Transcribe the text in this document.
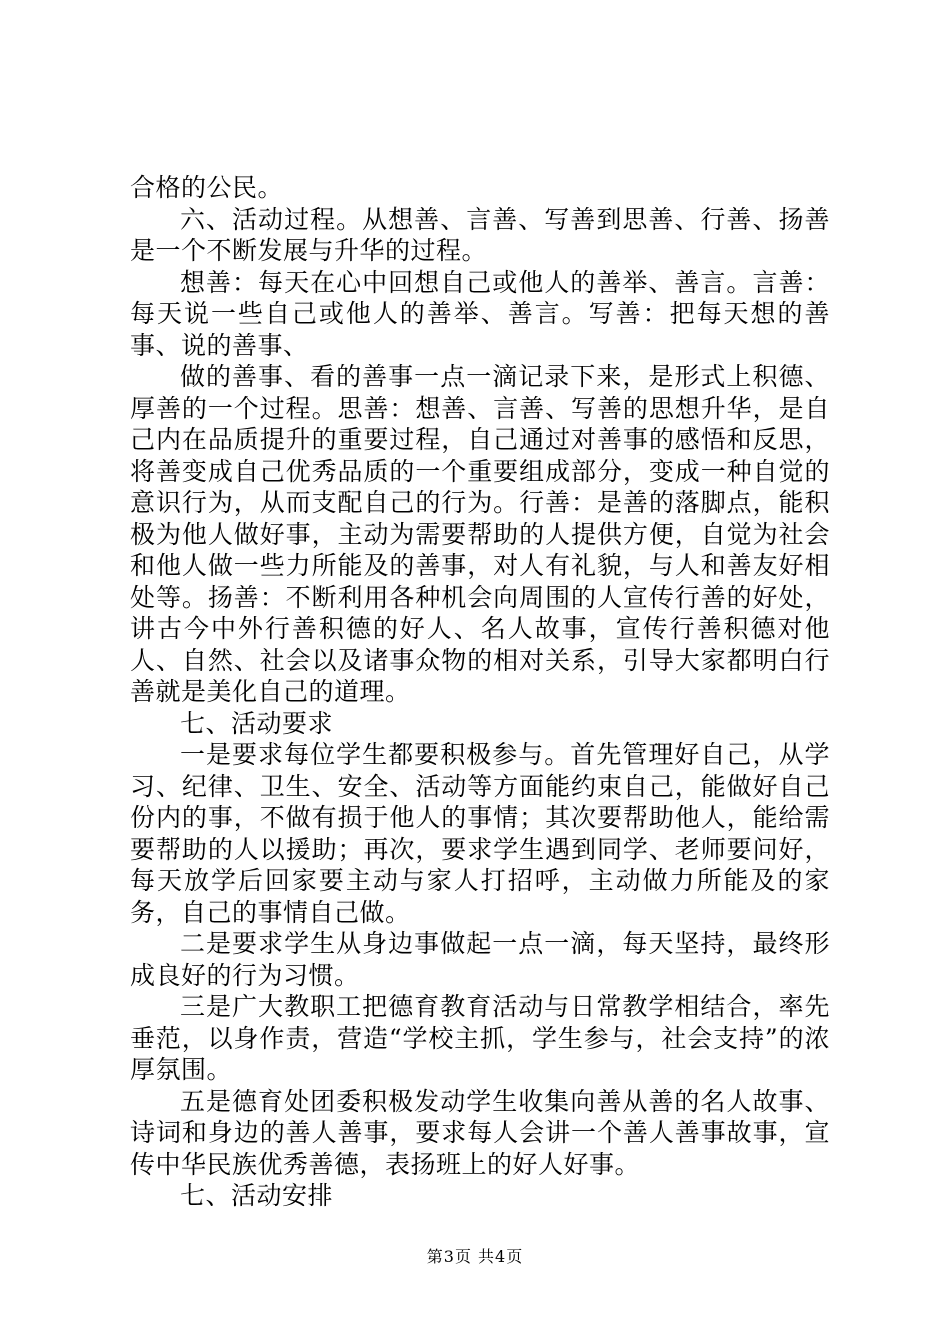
合格的公民。

六、活动过程。从想善、言善、写善到思善、行善、扬善是一个不断发展与升华的过程。

想善：每天在心中回想自己或他人的善举、善言。言善：每天说一些自己或他人的善举、善言。写善：把每天想的善事、说的善事、

做的善事、看的善事一点一滴记录下来，是形式上积德、厚善的一个过程。思善：想善、言善、写善的思想升华，是自己内在品质提升的重要过程，自己通过对善事的感悟和反思，将善变成自己优秀品质的一个重要组成部分，变成一种自觉的意识行为，从而支配自己的行为。行善：是善的落脚点，能积极为他人做好事，主动为需要帮助的人提供方便，自觉为社会和他人做一些力所能及的善事，对人有礼貌，与人和善友好相处等。扬善：不断利用各种机会向周围的人宣传行善的好处，讲古今中外行善积德的好人、名人故事，宣传行善积德对他人、自然、社会以及诸事众物的相对关系，引导大家都明白行善就是美化自己的道理。

七、活动要求

一是要求每位学生都要积极参与。首先管理好自己，从学习、纪律、卫生、安全、活动等方面能约束自己，能做好自己份内的事，不做有损于他人的事情；其次要帮助他人，能给需要帮助的人以援助；再次，要求学生遇到同学、老师要问好，每天放学后回家要主动与家人打招呼，主动做力所能及的家务，自己的事情自己做。

二是要求学生从身边事做起一点一滴，每天坚持，最终形成良好的行为习惯。

三是广大教职工把德育教育活动与日常教学相结合，率先垂范，以身作责，营造“学校主抓，学生参与，社会支持”的浓厚氛围。

五是德育处团委积极发动学生收集向善从善的名人故事、诗词和身边的善人善事，要求每人会讲一个善人善事故事，宣传中华民族优秀善德，表扬班上的好人好事。

七、活动安排

第3页 共4页
